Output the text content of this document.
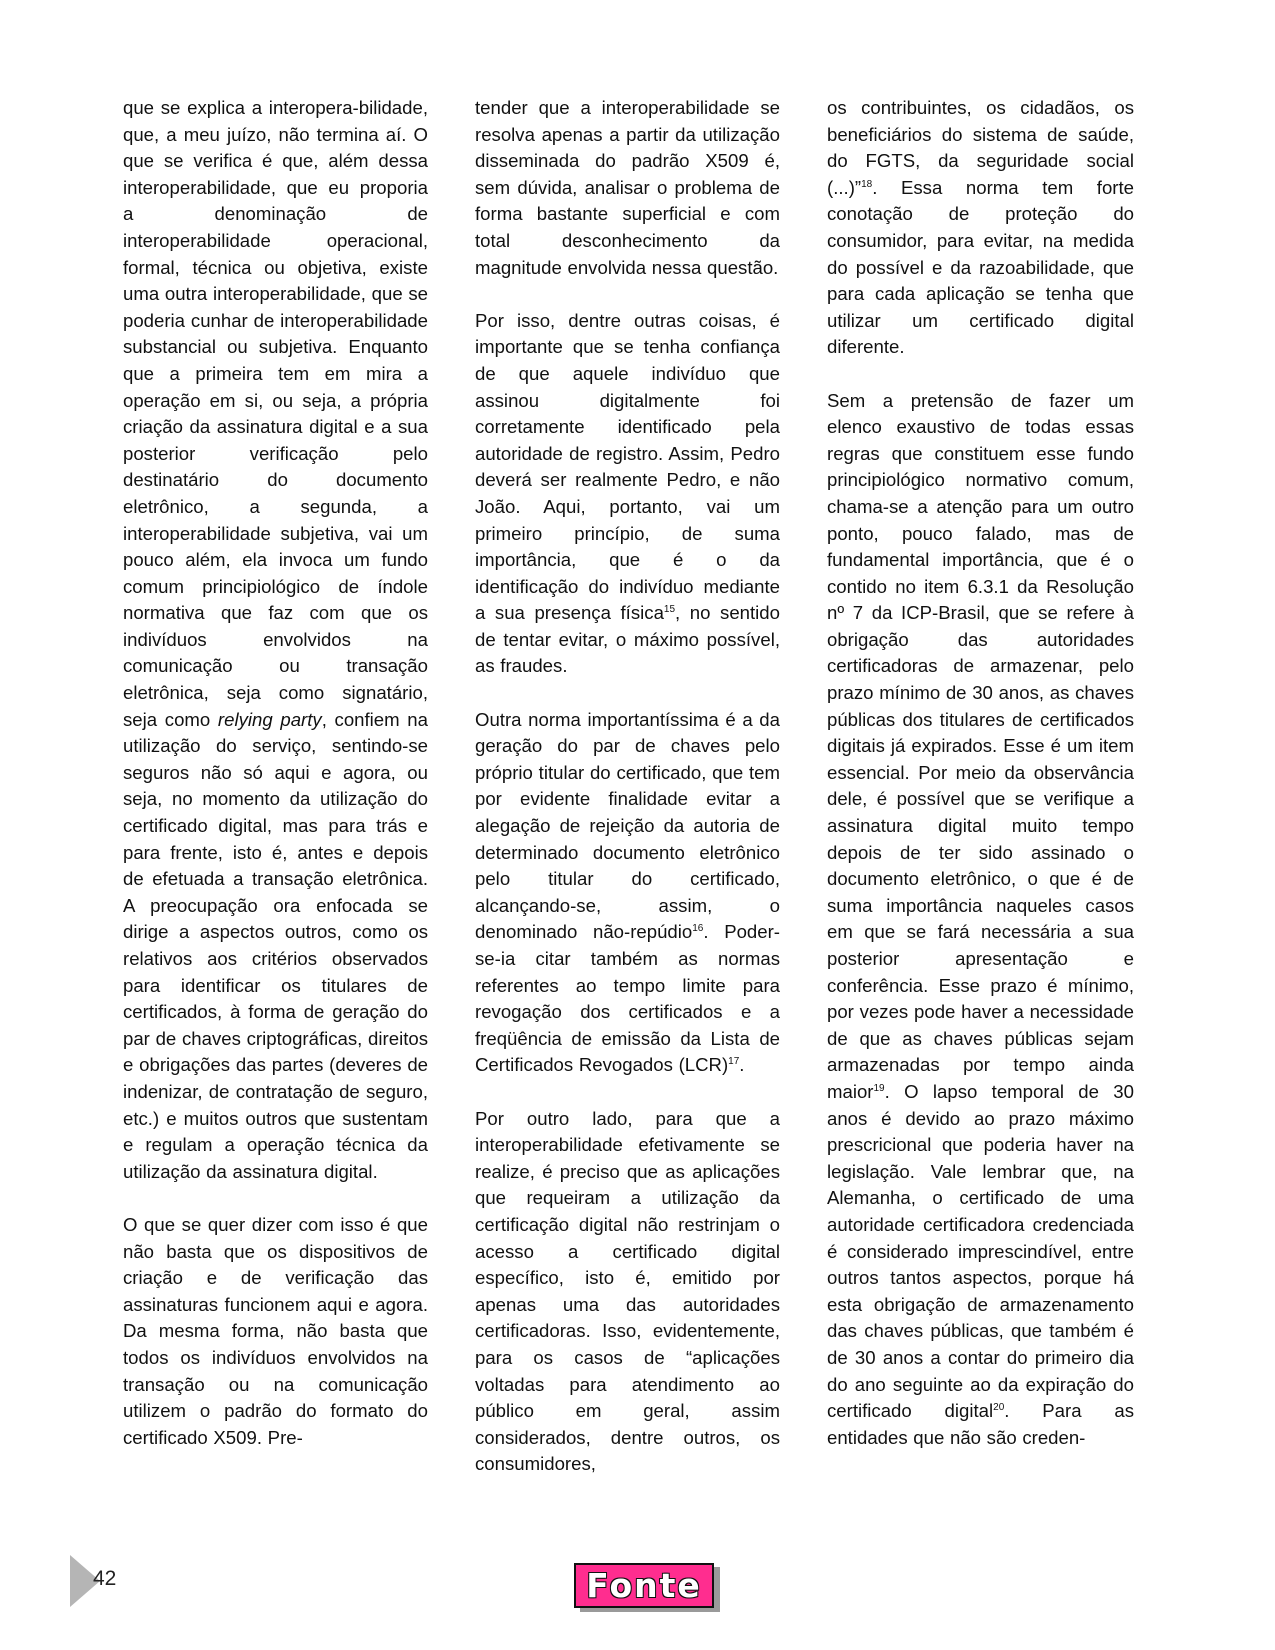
que se explica a interopera-bilidade, que, a meu juízo, não termina aí. O que se verifica é que, além dessa interoperabilidade, que eu proporia a denominação de interoperabilidade operacional, formal, técnica ou objetiva, existe uma outra interoperabilidade, que se poderia cunhar de interoperabilidade substancial ou subjetiva. Enquanto que a primeira tem em mira a operação em si, ou seja, a própria criação da assinatura digital e a sua posterior verificação pelo destinatário do documento eletrônico, a segunda, a interoperabilidade subjetiva, vai um pouco além, ela invoca um fundo comum principiológico de índole normativa que faz com que os indivíduos envolvidos na comunicação ou transação eletrônica, seja como signatário, seja como relying party, confiem na utilização do serviço, sentindo-se seguros não só aqui e agora, ou seja, no momento da utilização do certificado digital, mas para trás e para frente, isto é, antes e depois de efetuada a transação eletrônica. A preocupação ora enfocada se dirige a aspectos outros, como os relativos aos critérios observados para identificar os titulares de certificados, à forma de geração do par de chaves criptográficas, direitos e obrigações das partes (deveres de indenizar, de contratação de seguro, etc.) e muitos outros que sustentam e regulam a operação técnica da utilização da assinatura digital.

O que se quer dizer com isso é que não basta que os dispositivos de criação e de verificação das assinaturas funcionem aqui e agora. Da mesma forma, não basta que todos os indivíduos envolvidos na transação ou na comunicação utilizem o padrão do formato do certificado X509. Pre-

tender que a interoperabilidade se resolva apenas a partir da utilização disseminada do padrão X509 é, sem dúvida, analisar o problema de forma bastante superficial e com total desconhecimento da magnitude envolvida nessa questão.

Por isso, dentre outras coisas, é importante que se tenha confiança de que aquele indivíduo que assinou digitalmente foi corretamente identificado pela autoridade de registro. Assim, Pedro deverá ser realmente Pedro, e não João. Aqui, portanto, vai um primeiro princípio, de suma importância, que é o da identificação do indivíduo mediante a sua presença física$^{15}$, no sentido de tentar evitar, o máximo possível, as fraudes.

Outra norma importantíssima é a da geração do par de chaves pelo próprio titular do certificado, que tem por evidente finalidade evitar a alegação de rejeição da autoria de determinado documento eletrônico pelo titular do certificado, alcançando-se, assim, o denominado não-repúdio$^{16}$. Poder-se-ia citar também as normas referentes ao tempo limite para revogação dos certificados e a freqüência de emissão da Lista de Certificados Revogados (LCR)$^{17}$.

Por outro lado, para que a interoperabilidade efetivamente se realize, é preciso que as aplicações que requeiram a utilização da certificação digital não restrinjam o acesso a certificado digital específico, isto é, emitido por apenas uma das autoridades certificadoras. Isso, evidentemente, para os casos de “aplicações voltadas para atendimento ao público em geral, assim considerados, dentre outros, os consumidores,

os contribuintes, os cidadãos, os beneficiários do sistema de saúde, do FGTS, da seguridade social (...)”$^{18}$. Essa norma tem forte conotação de proteção do consumidor, para evitar, na medida do possível e da razoabilidade, que para cada aplicação se tenha que utilizar um certificado digital diferente.

Sem a pretensão de fazer um elenco exaustivo de todas essas regras que constituem esse fundo principiológico normativo comum, chama-se a atenção para um outro ponto, pouco falado, mas de fundamental importância, que é o contido no item 6.3.1 da Resolução nº 7 da ICP-Brasil, que se refere à obrigação das autoridades certificadoras de armazenar, pelo prazo mínimo de 30 anos, as chaves públicas dos titulares de certificados digitais já expirados. Esse é um item essencial. Por meio da observância dele, é possível que se verifique a assinatura digital muito tempo depois de ter sido assinado o documento eletrônico, o que é de suma importância naqueles casos em que se fará necessária a sua posterior apresentação e conferência. Esse prazo é mínimo, por vezes pode haver a necessidade de que as chaves públicas sejam armazenadas por tempo ainda maior$^{19}$. O lapso temporal de 30 anos é devido ao prazo máximo prescricional que poderia haver na legislação. Vale lembrar que, na Alemanha, o certificado de uma autoridade certificadora credenciada é considerado imprescindível, entre outros tantos aspectos, porque há esta obrigação de armazenamento das chaves públicas, que também é de 30 anos a contar do primeiro dia do ano seguinte ao da expiração do certificado digital$^{20}$. Para as entidades que não são creden-

42	Fonte
